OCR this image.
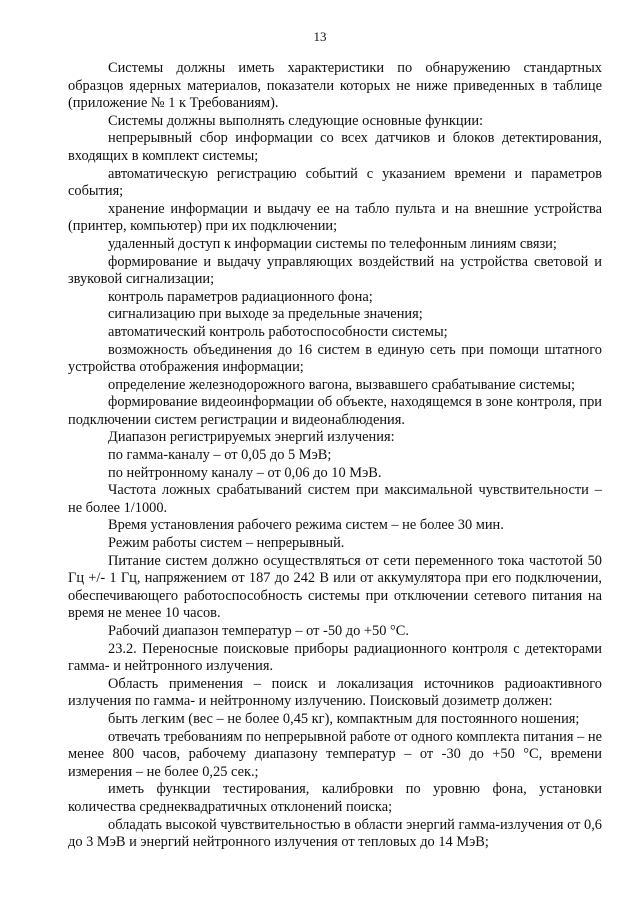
13

Системы должны иметь характеристики по обнаружению стандартных образцов ядерных материалов, показатели которых не ниже приведенных в таблице (приложение № 1 к Требованиям).

Системы должны выполнять следующие основные функции:

непрерывный сбор информации со всех датчиков и блоков детектирования, входящих в комплект системы;

автоматическую регистрацию событий с указанием времени и параметров события;

хранение информации и выдачу ее на табло пульта и на внешние устройства (принтер, компьютер) при их подключении;

удаленный доступ к информации системы по телефонным линиям связи;

формирование и выдачу управляющих воздействий на устройства световой и звуковой сигнализации;

контроль параметров радиационного фона;

сигнализацию при выходе за предельные значения;

автоматический контроль работоспособности системы;

возможность объединения до 16 систем в единую сеть при помощи штатного устройства отображения информации;

определение железнодорожного вагона, вызвавшего срабатывание системы;

формирование видеоинформации об объекте, находящемся в зоне контроля, при подключении систем регистрации и видеонаблюдения.

Диапазон регистрируемых энергий излучения:

по гамма-каналу – от 0,05 до 5 МэВ;

по нейтронному каналу – от 0,06 до 10 МэВ.

Частота ложных срабатываний систем при максимальной чувствительности – не более 1/1000.

Время установления рабочего режима систем – не более 30 мин.

Режим работы систем – непрерывный.

Питание систем должно осуществляться от сети переменного тока частотой 50 Гц +/- 1 Гц, напряжением от 187 до 242 В или от аккумулятора при его подключении, обеспечивающего работоспособность системы при отключении сетевого питания на время не менее 10 часов.

Рабочий диапазон температур – от -50 до +50 °С.

23.2. Переносные поисковые приборы радиационного контроля с детекторами гамма- и нейтронного излучения.

Область применения – поиск и локализация источников радиоактивного излучения по гамма- и нейтронному излучению. Поисковый дозиметр должен:

быть легким (вес – не более 0,45 кг), компактным для постоянного ношения;

отвечать требованиям по непрерывной работе от одного комплекта питания – не менее 800 часов, рабочему диапазону температур – от -30 до +50 °С, времени измерения – не более 0,25 сек.;

иметь функции тестирования, калибровки по уровню фона, установки количества среднеквадратичных отклонений поиска;

обладать высокой чувствительностью в области энергий гамма-излучения от 0,6 до 3 МэВ и энергий нейтронного излучения от тепловых до 14 МэВ;
